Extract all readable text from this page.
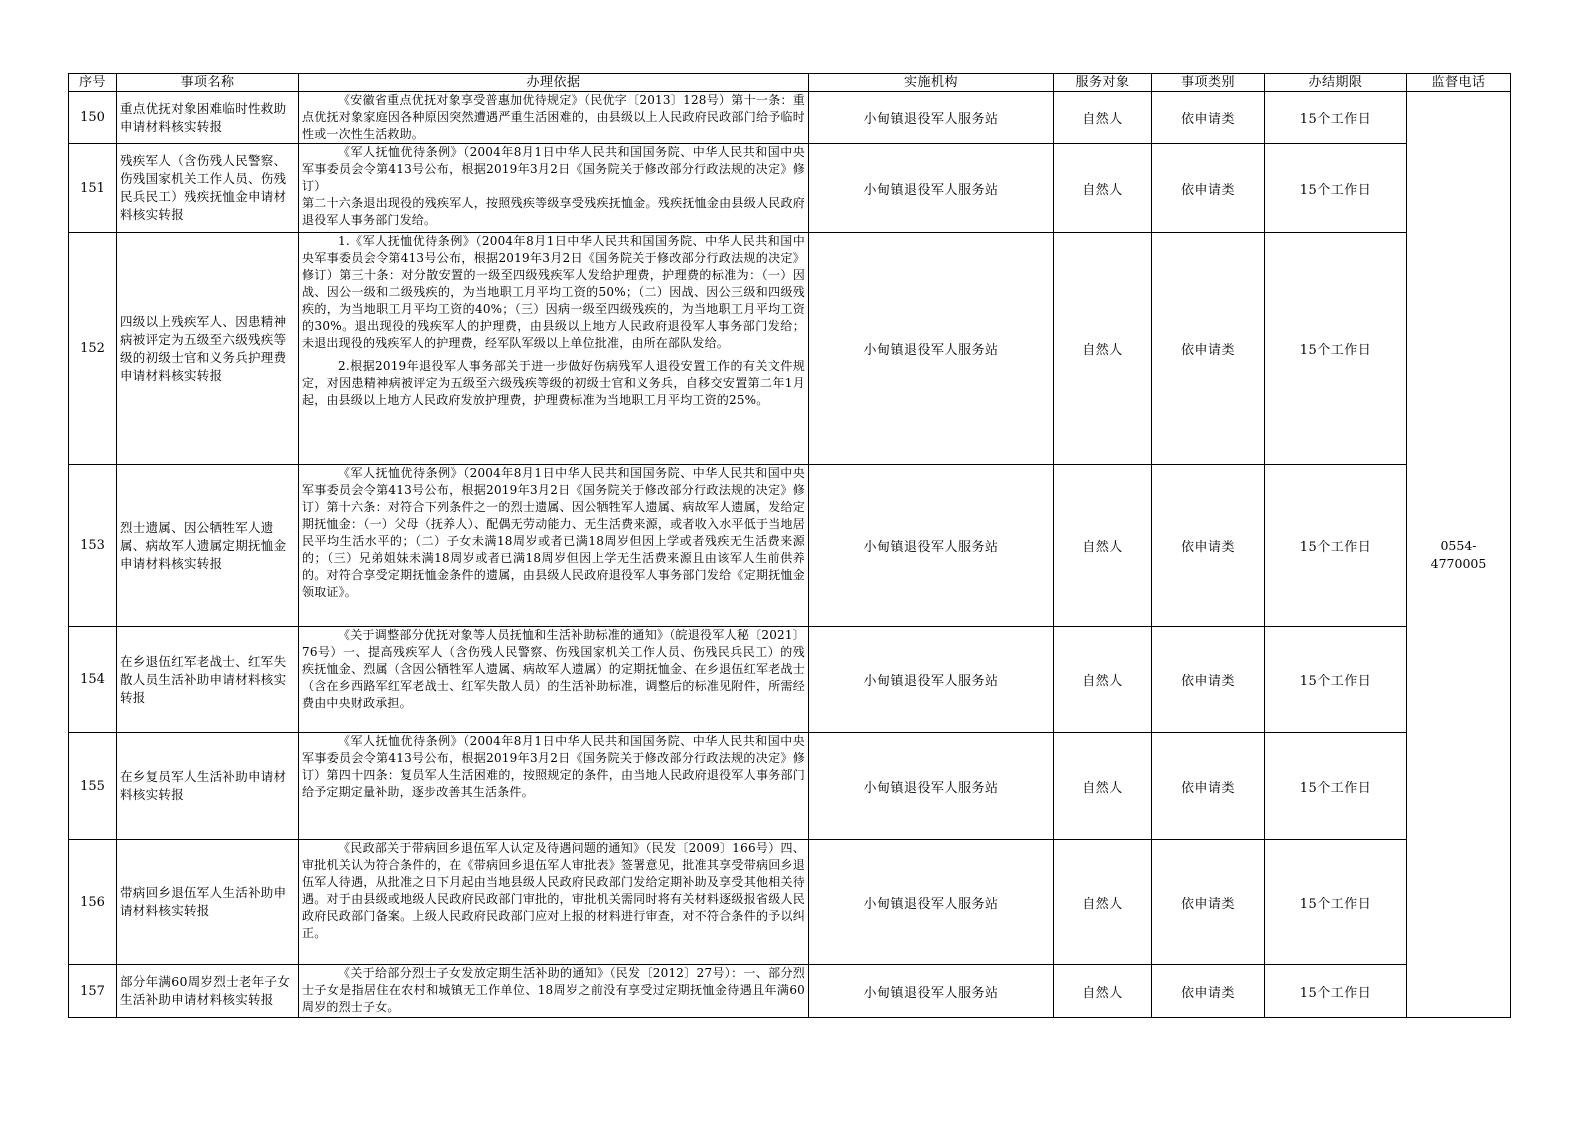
序号	事项名称	办理依据	实施机构	服务对象	事项类别	办结期限	监督电话
150	重点优抚对象困难临时性救助申请材料核实转报	《安徽省重点优抚对象享受普惠加优待规定》（民优字〔2013〕128号）第十一条：重点优抚对象家庭因各种原因突然遭遇严重生活困难的，由县级以上人民政府民政部门给予临时性或一次性生活救助。	小甸镇退役军人服务站	自然人	依申请类	15个工作日	0554-
4770005

151	残疾军人（含伤残人民警察、伤残国家机关工作人员、伤残民兵民工）残疾抚恤金申请材料核实转报	《军人抚恤优待条例》（2004年8月1日中华人民共和国国务院、中华人民共和国中央军事委员会令第413号公布，根据2019年3月2日《国务院关于修改部分行政法规的决定》修订）

第二十六条退出现役的残疾军人，按照残疾等级享受残疾抚恤金。残疾抚恤金由县级人民政府退役军人事务部门发给。	小甸镇退役军人服务站	自然人	依申请类	15个工作日	
152	四级以上残疾军人、因患精神病被评定为五级至六级残疾等级的初级士官和义务兵护理费申请材料核实转报	1.《军人抚恤优待条例》（2004年8月1日中华人民共和国国务院、中华人民共和国中央军事委员会令第413号公布，根据2019年3月2日《国务院关于修改部分行政法规的决定》修订）第三十条：对分散安置的一级至四级残疾军人发给护理费，护理费的标准为：（一）因战、因公一级和二级残疾的，为当地职工月平均工资的50%；（二）因战、因公三级和四级残疾的，为当地职工月平均工资的40%；（三）因病一级至四级残疾的，为当地职工月平均工资的30%。退出现役的残疾军人的护理费，由县级以上地方人民政府退役军人事务部门发给；未退出现役的残疾军人的护理费，经军队军级以上单位批准，由所在部队发给。

2.根据2019年退役军人事务部关于进一步做好伤病残军人退役安置工作的有关文件规定，对因患精神病被评定为五级至六级残疾等级的初级士官和义务兵，自移交安置第二年1月起，由县级以上地方人民政府发放护理费，护理费标准为当地职工月平均工资的25%。	小甸镇退役军人服务站	自然人	依申请类	15个工作日	
153	烈士遗属、因公牺牲军人遗属、病故军人遗属定期抚恤金申请材料核实转报	《军人抚恤优待条例》（2004年8月1日中华人民共和国国务院、中华人民共和国中央军事委员会令第413号公布，根据2019年3月2日《国务院关于修改部分行政法规的决定》修订）第十六条：对符合下列条件之一的烈士遗属、因公牺牲军人遗属、病故军人遗属，发给定期抚恤金：（一）父母（抚养人）、配偶无劳动能力、无生活费来源，或者收入水平低于当地居民平均生活水平的；（二）子女未满18周岁或者已满18周岁但因上学或者残疾无生活费来源的；（三）兄弟姐妹未满18周岁或者已满18周岁但因上学无生活费来源且由该军人生前供养的。对符合享受定期抚恤金条件的遗属，由县级人民政府退役军人事务部门发给《定期抚恤金领取证》。	小甸镇退役军人服务站	自然人	依申请类	15个工作日	
154	在乡退伍红军老战士、红军失散人员生活补助申请材料核实转报	《关于调整部分优抚对象等人员抚恤和生活补助标准的通知》（皖退役军人秘〔2021〕76号）一、提高残疾军人（含伤残人民警察、伤残国家机关工作人员、伤残民兵民工）的残疾抚恤金、烈属（含因公牺牲军人遗属、病故军人遗属）的定期抚恤金、在乡退伍红军老战士（含在乡西路军红军老战士、红军失散人员）的生活补助标准，调整后的标准见附件，所需经费由中央财政承担。	小甸镇退役军人服务站	自然人	依申请类	15个工作日	
155	在乡复员军人生活补助申请材料核实转报	《军人抚恤优待条例》（2004年8月1日中华人民共和国国务院、中华人民共和国中央军事委员会令第413号公布，根据2019年3月2日《国务院关于修改部分行政法规的决定》修订）第四十四条：复员军人生活困难的，按照规定的条件，由当地人民政府退役军人事务部门给予定期定量补助，逐步改善其生活条件。	小甸镇退役军人服务站	自然人	依申请类	15个工作日	
156	带病回乡退伍军人生活补助申请材料核实转报	《民政部关于带病回乡退伍军人认定及待遇问题的通知》（民发〔2009〕166号）四、审批机关认为符合条件的，在《带病回乡退伍军人审批表》签署意见，批准其享受带病回乡退伍军人待遇，从批准之日下月起由当地县级人民政府民政部门发给定期补助及享受其他相关待遇。对于由县级或地级人民政府民政部门审批的，审批机关需同时将有关材料逐级报省级人民政府民政部门备案。上级人民政府民政部门应对上报的材料进行审查，对不符合条件的予以纠正。	小甸镇退役军人服务站	自然人	依申请类	15个工作日	
157	部分年满60周岁烈士老年子女生活补助申请材料核实转报	《关于给部分烈士子女发放定期生活补助的通知》（民发〔2012〕27号）：一、部分烈士子女是指居住在农村和城镇无工作单位、18周岁之前没有享受过定期抚恤金待遇且年满60周岁的烈士子女。	小甸镇退役军人服务站	自然人	依申请类	15个工作日	
